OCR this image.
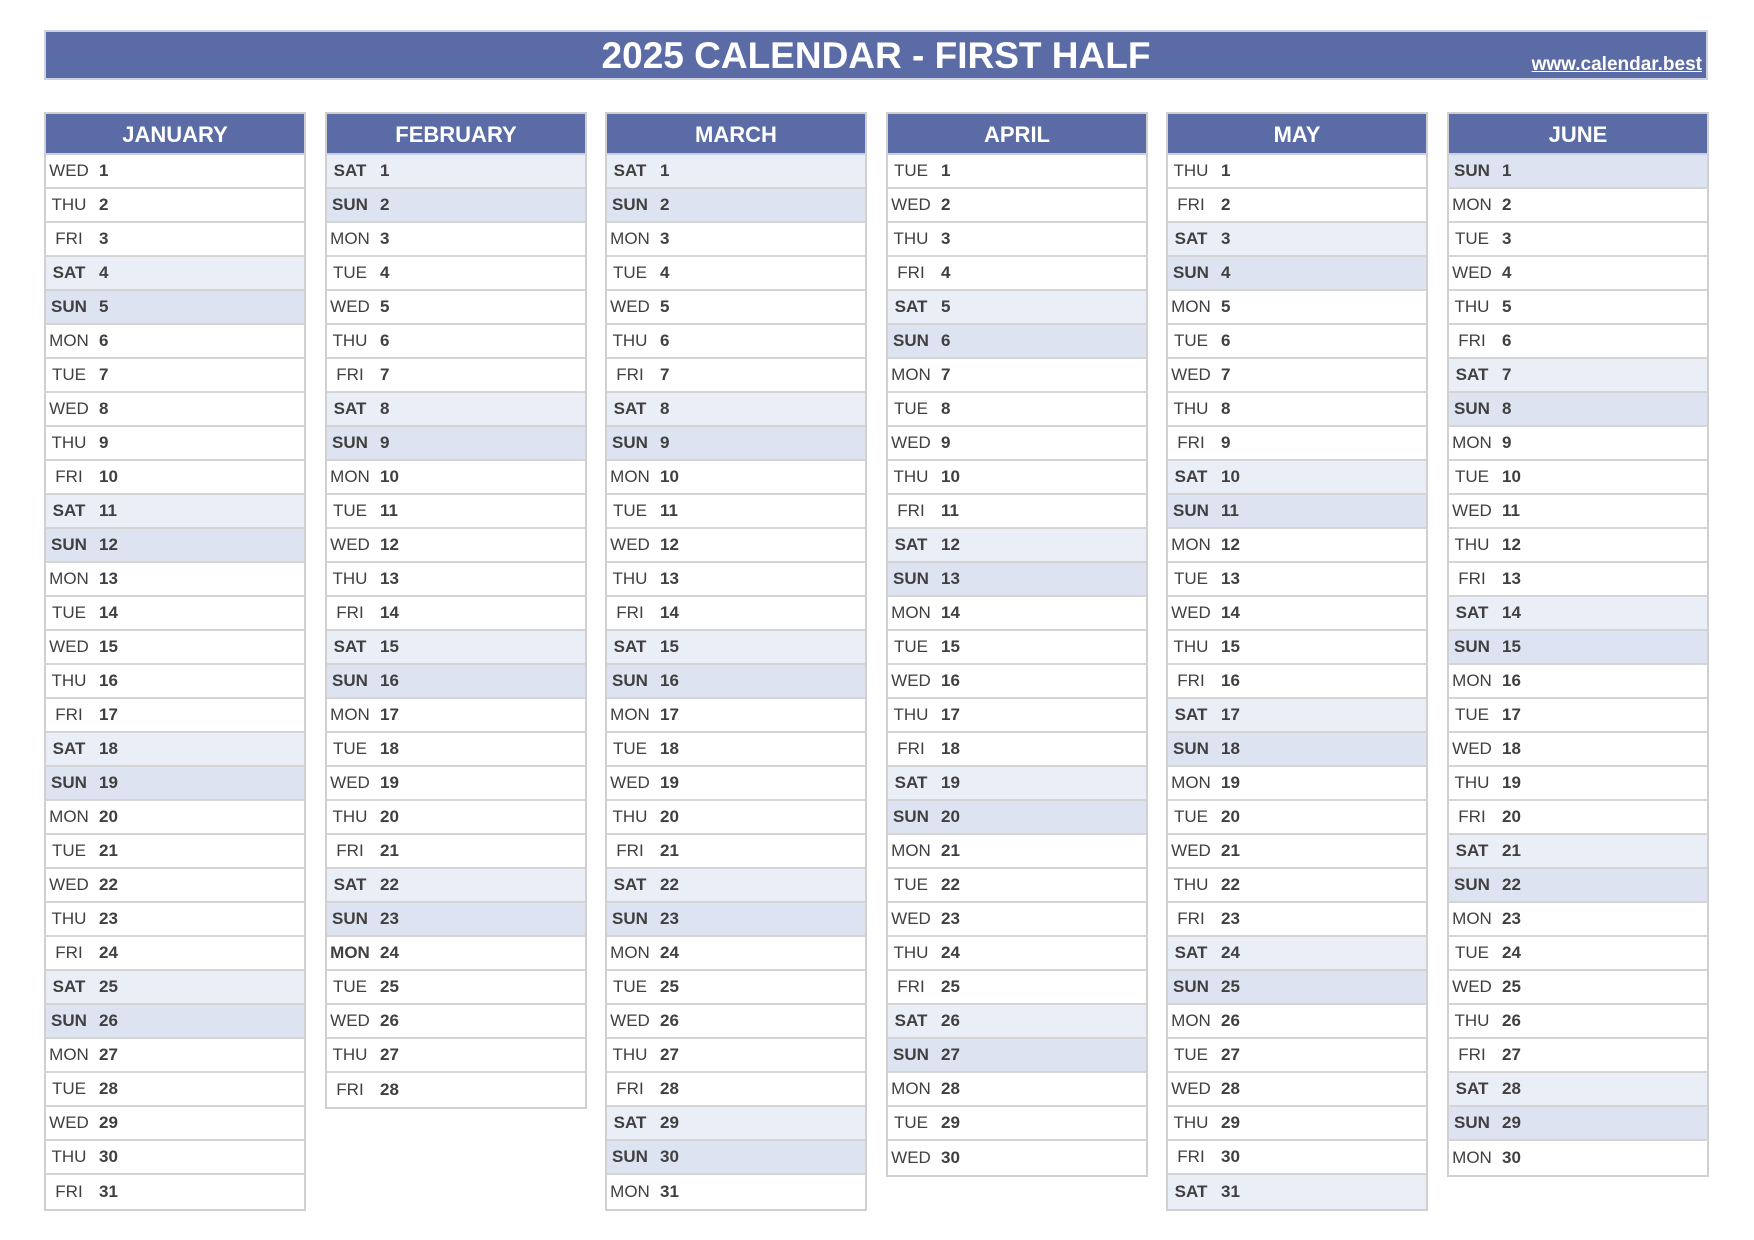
2025 CALENDAR - FIRST HALF	www.calendar.best
JANUARY
WED 1
THU 2
FRI 3
SAT 4
SUN 5
MON 6
TUE 7
WED 8
THU 9
FRI 10
SAT 11
SUN 12
MON 13
TUE 14
WED 15
THU 16
FRI 17
SAT 18
SUN 19
MON 20
TUE 21
WED 22
THU 23
FRI 24
SAT 25
SUN 26
MON 27
TUE 28
WED 29
THU 30
FRI 31
FEBRUARY
SAT 1
SUN 2
MON 3
TUE 4
WED 5
THU 6
FRI 7
SAT 8
SUN 9
MON 10
TUE 11
WED 12
THU 13
FRI 14
SAT 15
SUN 16
MON 17
TUE 18
WED 19
THU 20
FRI 21
SAT 22
SUN 23
MON 24
TUE 25
WED 26
THU 27
FRI 28
MARCH
SAT 1
SUN 2
MON 3
TUE 4
WED 5
THU 6
FRI 7
SAT 8
SUN 9
MON 10
TUE 11
WED 12
THU 13
FRI 14
SAT 15
SUN 16
MON 17
TUE 18
WED 19
THU 20
FRI 21
SAT 22
SUN 23
MON 24
TUE 25
WED 26
THU 27
FRI 28
SAT 29
SUN 30
MON 31
APRIL
TUE 1
WED 2
THU 3
FRI 4
SAT 5
SUN 6
MON 7
TUE 8
WED 9
THU 10
FRI 11
SAT 12
SUN 13
MON 14
TUE 15
WED 16
THU 17
FRI 18
SAT 19
SUN 20
MON 21
TUE 22
WED 23
THU 24
FRI 25
SAT 26
SUN 27
MON 28
TUE 29
WED 30
MAY
THU 1
FRI 2
SAT 3
SUN 4
MON 5
TUE 6
WED 7
THU 8
FRI 9
SAT 10
SUN 11
MON 12
TUE 13
WED 14
THU 15
FRI 16
SAT 17
SUN 18
MON 19
TUE 20
WED 21
THU 22
FRI 23
SAT 24
SUN 25
MON 26
TUE 27
WED 28
THU 29
FRI 30
SAT 31
JUNE
SUN 1
MON 2
TUE 3
WED 4
THU 5
FRI 6
SAT 7
SUN 8
MON 9
TUE 10
WED 11
THU 12
FRI 13
SAT 14
SUN 15
MON 16
TUE 17
WED 18
THU 19
FRI 20
SAT 21
SUN 22
MON 23
TUE 24
WED 25
THU 26
FRI 27
SAT 28
SUN 29
MON 30
